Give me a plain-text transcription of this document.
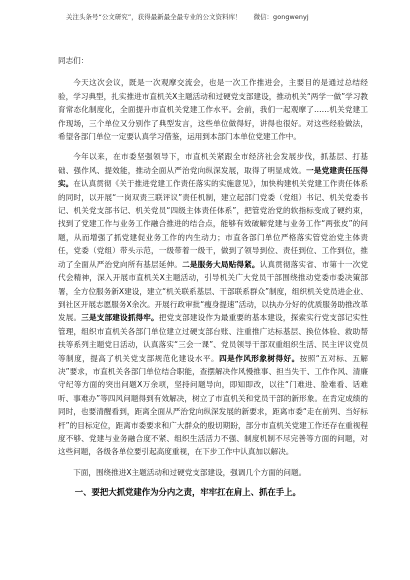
关注头条号“公文研究”，获得最新最全最专业的公文资料库！ 微信：gongwenyj

同志们：

今天这次会议，既是一次观摩交流会，也是一次工作推进会，主要目的是通过总结经验，学习典型，扎实推进市直机关X主题活动和过硬党支部建设，推动机关“两学一做”学习教育常态化制度化，全面提升市直机关党建工作水平。会前，我们一起观摩了……机关党建工作现场，三个单位又分别作了典型发言，这些单位做得好，讲得也很好。对这些经验做法，希望各部门单位一定要认真学习借鉴，运用到本部门本单位党建工作中。

今年以来，在市委坚强领导下，市直机关紧跟全市经济社会发展步伐，抓基层、打基础、强作风、提效能，推动全面从严治党向纵深发展，取得了明显成效。一是党建责任压得实。在认真贯彻《关于推进党建工作责任落实的实施意见》，加快构建机关党建工作责任体系的同时，以开展“一岗双责三联评议”责任机制，建立起部门党委（党组）书记、机关党委书记、机关党支部书记、机关党员“四级主体责任体系”，把管党治党的软指标变成了硬约束，找到了党建工作与业务工作融合推进的结合点，能够有效破解党建与业务工作“两张皮”的问题，从而增强了抓党建促业务工作的内生动力；市直各部门单位严格落实管党治党主体责任，党委（党组）带头示范，一级带着一级干，做到了领导到位、责任到位、工作到位，推动了全面从严治党向所有基层延伸。二是服务大局贴得紧。认真贯彻落实省、市第十一次党代会精神，深入开展市直机关X主题活动，引导机关广大党员干部围绕推动党委市委决策部署，全方位服务新X建设，建立“机关联系基层、干部联系群众”制度，组织机关党员进企业、到社区开展志愿服务X余次。开展行政审批“瘦身提速”活动，以执办分好的优质服务助推改革发展。三是支部建设抓得牢。把党支部建设作为最重要的基本建设，探索实行党支部记实性管理，组织市直机关各部门单位建立过硬支部台账、注重推广达标基层、换位体验、救助帮扶等系列主题党日活动，认真落实“三会一课”、党员领导干部双重组织生活、民主评议党员等制度，提高了机关党支部规范化建设水平。四是作风形象树得好。按照“五对标、五解决”要求，市直机关各部门单位结合职能，查摆解决作风慢推事、担当失干、工作作风、清廉守纪等方面的突出问题X万余项，坚持问题导向，即知即改，以往“门难进、脸难看、话难听、事难办”等四风问题得到有效解决，树立了市直机关和党员干部的新形象。在肯定成绩的同时，也要清醒看到，距离全面从严治党向纵深发展的新要求，距离市委“走在前列、当好标杆”的目标定位，距离市委要求和广大群众的殷切期盼，部分市直机关党建工作还存在重视程度不够、党建与业务融合度不紧、组织生活活力不强、制度机制不尽完善等方面的问题，对这些问题，各级各单位要引起高度重视，在下步工作中认真加以解决。

下面，围绕推进X主题活动和过硬党支部建设，强调几个方面的问题。

一、要把大抓党建作为分内之责，牢牢扛在肩上、抓在手上。
